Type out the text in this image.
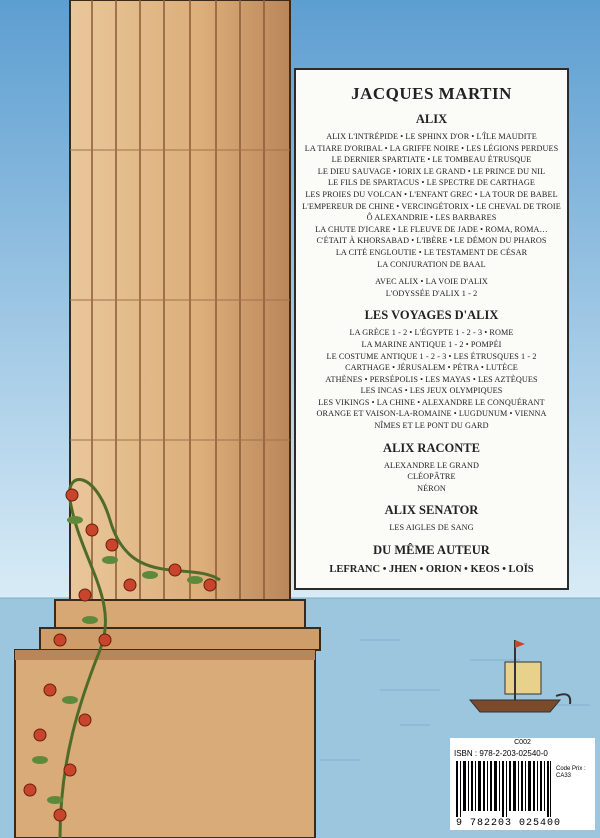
JACQUES MARTIN
ALIX
ALIX L'INTRÉPIDE • LE SPHINX D'OR • L'ÎLE MAUDITE
LA TIARE D'ORIBAL • LA GRIFFE NOIRE • LES LÉGIONS PERDUES
LE DERNIER SPARTIATE • LE TOMBEAU ÉTRUSQUE
LE DIEU SAUVAGE • IORIX LE GRAND • LE PRINCE DU NIL
LE FILS DE SPARTACUS • LE SPECTRE DE CARTHAGE
LES PROIES DU VOLCAN • L'ENFANT GREC • LA TOUR DE BABEL
L'EMPEREUR DE CHINE • VERCINGÉTORIX • LE CHEVAL DE TROIE
Ô ALEXANDRIE • LES BARBARES
LA CHUTE D'ICARE • LE FLEUVE DE JADE • ROMA, ROMA…
C'ÉTAIT À KHORSABAD • L'IBÈRE • LE DÉMON DU PHAROS
LA CITÉ ENGLOUTIE • LE TESTAMENT DE CÉSAR
LA CONJURATION DE BAAL
AVEC ALIX • LA VOIE D'ALIX
L'ODYSSÉE D'ALIX 1 - 2
LES VOYAGES D'ALIX
LA GRÈCE 1 - 2 • L'ÉGYPTE 1 - 2 - 3 • ROME
LA MARINE ANTIQUE 1 - 2 • POMPÉI
LE COSTUME ANTIQUE 1 - 2 - 3 • LES ÉTRUSQUES 1 - 2
CARTHAGE • JÉRUSALEM • PÉTRA • LUTÈCE
ATHÈNES • PERSÉPOLIS • LES MAYAS • LES AZTÈQUES
LES INCAS • LES JEUX OLYMPIQUES
LES VIKINGS • LA CHINE • ALEXANDRE LE CONQUÉRANT
ORANGE ET VAISON-LA-ROMAINE • LUGDUNUM • VIENNA
NÎMES ET LE PONT DU GARD
ALIX RACONTE
ALEXANDRE LE GRAND
CLÉOPÂTRE
NÉRON
ALIX SENATOR
LES AIGLES DE SANG
DU MÊME AUTEUR
LEFRANC • JHEN • ORION • KEOS • LOÏS
C002
ISBN : 978-2-203-02540-0
Code Prix :
CA33
9 782203 025400
